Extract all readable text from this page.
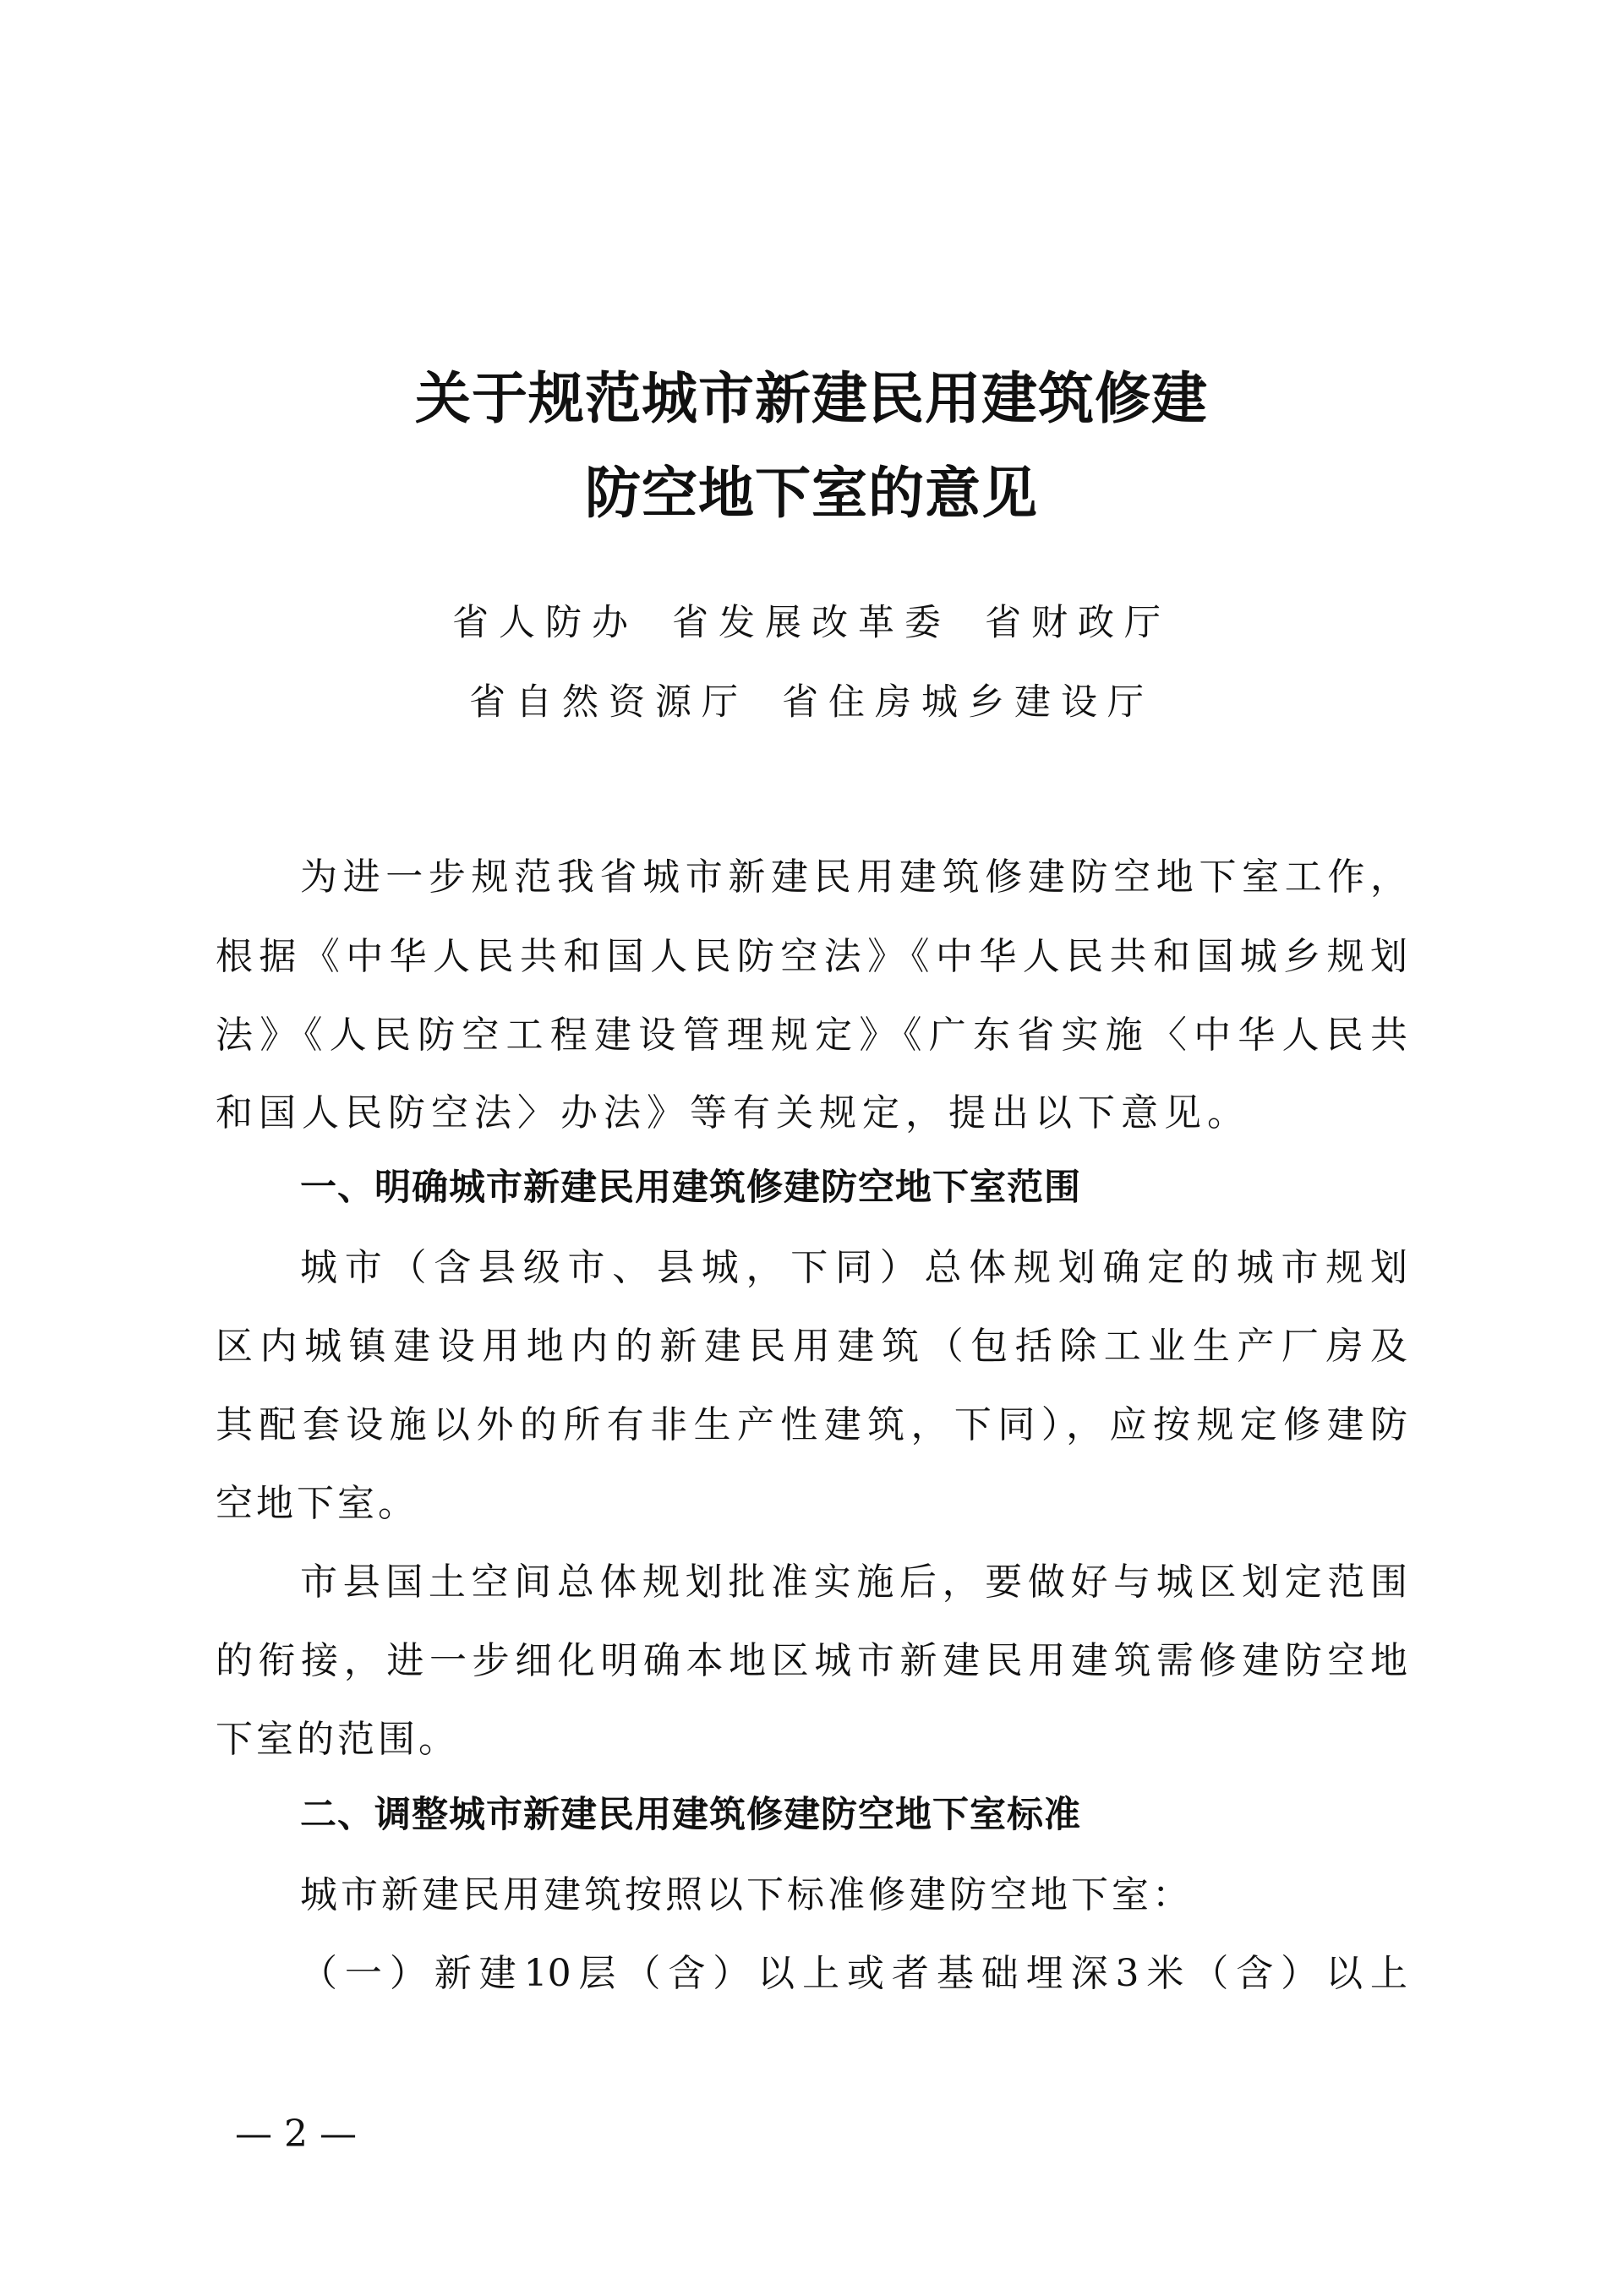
关于规范城市新建民用建筑修建
防空地下室的意见
省人防办 省发展改革委 省财政厅
省自然资源厅 省住房城乡建设厅
为进一步规范我省城市新建民用建筑修建防空地下室工作，
根据《中华人民共和国人民防空法》《中华人民共和国城乡规划
法》《人民防空工程建设管理规定》《广东省实施〈中华人民共
和国人民防空法〉办法》等有关规定，提出以下意见。
一、明确城市新建民用建筑修建防空地下室范围
城市（含县级市、县城，下同）总体规划确定的城市规划
区内城镇建设用地内的新建民用建筑（包括除工业生产厂房及
其配套设施以外的所有非生产性建筑，下同），应按规定修建防
空地下室。
市县国土空间总体规划批准实施后，要做好与城区划定范围
的衔接，进一步细化明确本地区城市新建民用建筑需修建防空地
下室的范围。
二、调整城市新建民用建筑修建防空地下室标准
城市新建民用建筑按照以下标准修建防空地下室：
（一）新建10层（含）以上或者基础埋深3米（含）以上
— 2 —
